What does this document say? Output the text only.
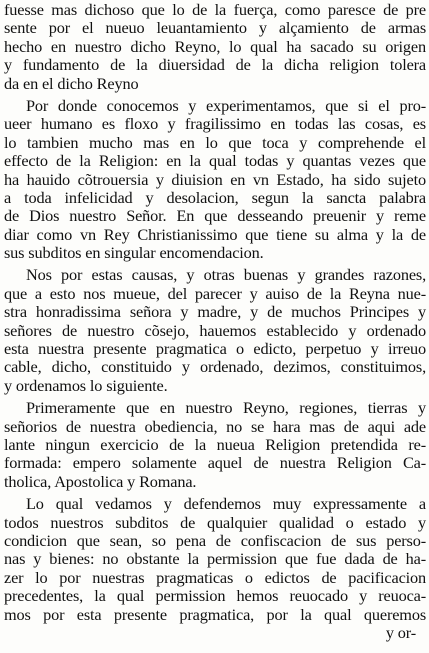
fuesse mas dichoso que lo de la fuerça, como paresce de pre
sente por el nueuo leuantamiento y alçamiento de armas
hecho en nuestro dicho Reyno, lo qual ha sacado su origen
y fundamento de la diuersidad de la dicha religion tolera
da en el dicho Reyno
Por donde conocemos y experimentamos, que si el pro-
ueer humano es floxo y fragilissimo en todas las cosas, es
lo tambien mucho mas en lo que toca y comprehende el
effecto de la Religion: en la qual todas y quantas vezes que
ha hauido cõtrouersia y diuision en vn Estado, ha sido sujeto
a toda infelicidad y desolacion, segun la sancta palabra
de Dios nuestro Señor. En que desseando preuenir y reme
diar como vn Rey Christianissimo que tiene su alma y la de
sus subditos en singular encomendacion.
Nos por estas causas, y otras buenas y grandes razones,
que a esto nos mueue, del parecer y auiso de la Reyna nue-
stra honradissima señora y madre, y de muchos Principes y
señores de nuestro cõsejo, hauemos establecido y ordenado
esta nuestra presente pragmatica o edicto, perpetuo y irreuo
cable, dicho, constituido y ordenado, dezimos, constituimos,
y ordenamos lo siguiente.
Primeramente que en nuestro Reyno, regiones, tierras y
señorios de nuestra obediencia, no se hara mas de aqui ade
lante ningun exercicio de la nueua Religion pretendida re-
formada: empero solamente aquel de nuestra Religion Ca-
tholica, Apostolica y Romana.
Lo qual vedamos y defendemos muy expressamente a
todos nuestros subditos de qualquier qualidad o estado y
condicion que sean, so pena de confiscacion de sus perso-
nas y bienes: no obstante la permission que fue dada de ha-
zer lo por nuestras pragmaticas o edictos de pacificacion
precedentes, la qual permission hemos reuocado y reuoca-
mos por esta presente pragmatica, por la qual queremos
y or-
